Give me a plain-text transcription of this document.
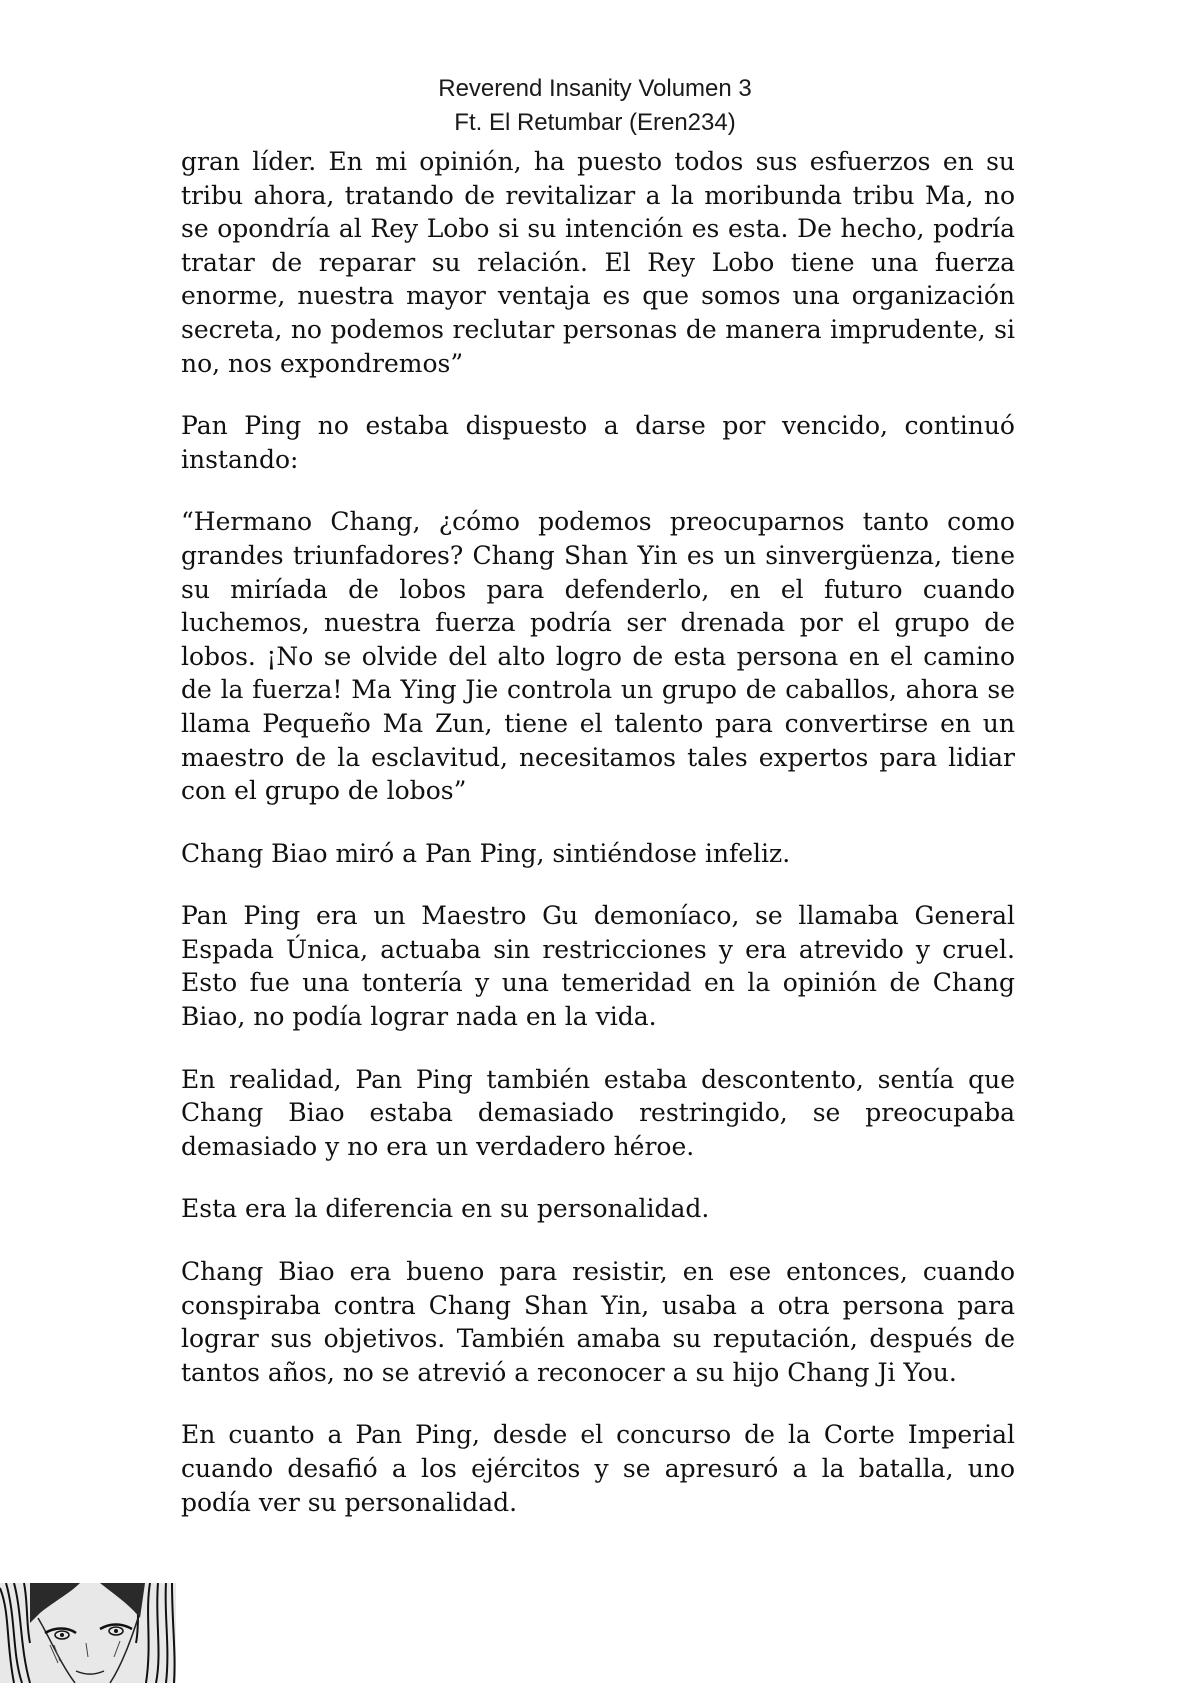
Reverend Insanity Volumen 3
Ft. El Retumbar (Eren234)

gran líder. En mi opinión, ha puesto todos sus esfuerzos en su tribu ahora, tratando de revitalizar a la moribunda tribu Ma, no se opondría al Rey Lobo si su intención es esta. De hecho, podría tratar de reparar su relación. El Rey Lobo tiene una fuerza enorme, nuestra mayor ventaja es que somos una organización secreta, no podemos reclutar personas de manera imprudente, si no, nos expondremos”

Pan Ping no estaba dispuesto a darse por vencido, continuó instando:

“Hermano Chang, ¿cómo podemos preocuparnos tanto como grandes triunfadores? Chang Shan Yin es un sinvergüenza, tiene su miríada de lobos para defenderlo, en el futuro cuando luchemos, nuestra fuerza podría ser drenada por el grupo de lobos. ¡No se olvide del alto logro de esta persona en el camino de la fuerza! Ma Ying Jie controla un grupo de caballos, ahora se llama Pequeño Ma Zun, tiene el talento para convertirse en un maestro de la esclavitud, necesitamos tales expertos para lidiar con el grupo de lobos”

Chang Biao miró a Pan Ping, sintiéndose infeliz.

Pan Ping era un Maestro Gu demoníaco, se llamaba General Espada Única, actuaba sin restricciones y era atrevido y cruel. Esto fue una tontería y una temeridad en la opinión de Chang Biao, no podía lograr nada en la vida.

En realidad, Pan Ping también estaba descontento, sentía que Chang Biao estaba demasiado restringido, se preocupaba demasiado y no era un verdadero héroe.

Esta era la diferencia en su personalidad.

Chang Biao era bueno para resistir, en ese entonces, cuando conspiraba contra Chang Shan Yin, usaba a otra persona para lograr sus objetivos. También amaba su reputación, después de tantos años, no se atrevió a reconocer a su hijo Chang Ji You.

En cuanto a Pan Ping, desde el concurso de la Corte Imperial cuando desafió a los ejércitos y se apresuró a la batalla, uno podía ver su personalidad.
